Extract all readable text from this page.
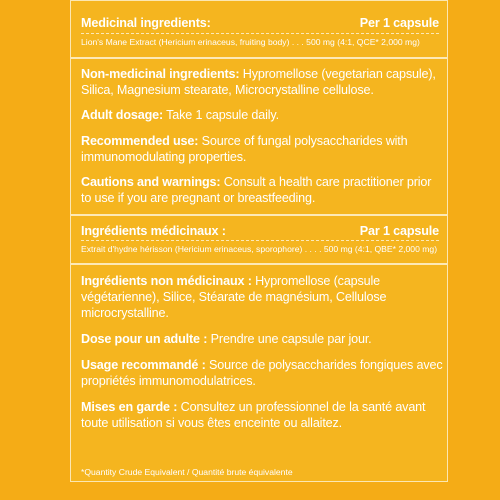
Medicinal ingredients:	Per 1 capsule
Lion's Mane Extract (Hericium erinaceus, fruiting body) . . . 500 mg (4:1, QCE* 2,000 mg)
Non-medicinal ingredients: Hypromellose (vegetarian capsule),
Silica, Magnesium stearate, Microcrystalline cellulose.
Adult dosage: Take 1 capsule daily.
Recommended use: Source of fungal polysaccharides with
immunomodulating properties.
Cautions and warnings: Consult a health care practitioner prior
to use if you are pregnant or breastfeeding.
Ingrédients médicinaux :	Par 1 capsule
Extrait d'hydne hérisson (Hericium erinaceus, sporophore) . . . . 500 mg (4:1, QBE* 2,000 mg)
Ingrédients non médicinaux : Hypromellose (capsule
végétarienne), Silice, Stéarate de magnésium, Cellulose
microcrystalline.
Dose pour un adulte : Prendre une capsule par jour.
Usage recommandé : Source de polysaccharides fongiques avec
propriétés immunomodulatrices.
Mises en garde : Consultez un professionnel de la santé avant
toute utilisation si vous êtes enceinte ou allaitez.
*Quantity Crude Equivalent / Quantité brute équivalente
